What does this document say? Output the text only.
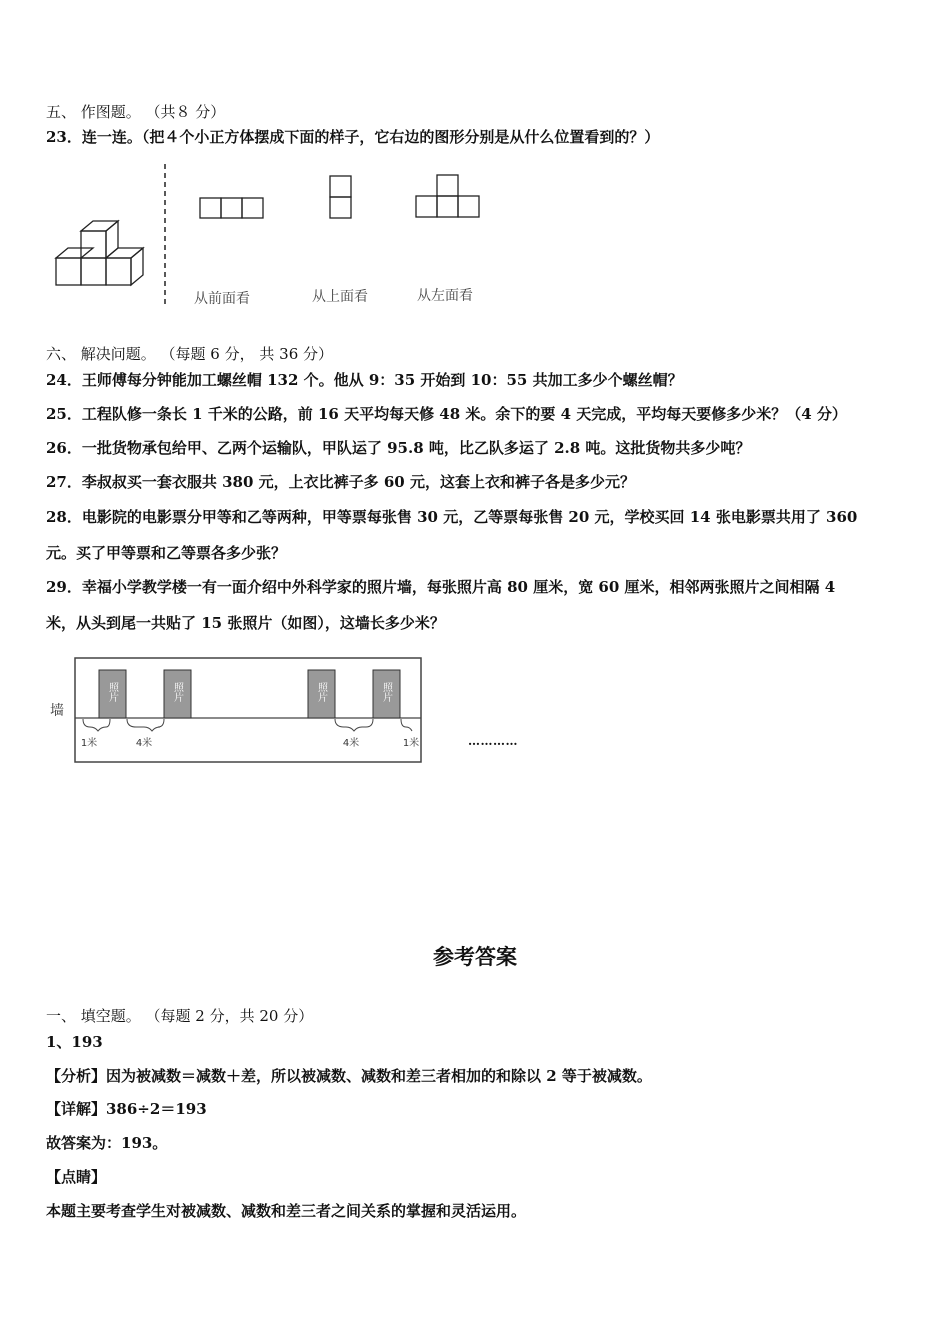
五、 作图题。 （共８ 分）
23．连一连。（把４个小正方体摆成下面的样子，它右边的图形分别是从什么位置看到的？）
从前面看	从上面看	从左面看
六、 解决问题。 （每题 6 分， 共 36 分）
24．王师傅每分钟能加工螺丝帽 132 个。他从 9：35 开始到 10：55 共加工多少个螺丝帽？
25．工程队修一条长 1 千米的公路，前 16 天平均每天修 48 米。余下的要 4 天完成，平均每天要修多少米？（4 分）
26．一批货物承包给甲、乙两个运输队，甲队运了 95.8 吨，比乙队多运了 2.8 吨。这批货物共多少吨？
27．李叔叔买一套衣服共 380 元，上衣比裤子多 60 元，这套上衣和裤子各是多少元？
28．电影院的电影票分甲等和乙等两种，甲等票每张售 30 元，乙等票每张售 20 元，学校买回 14 张电影票共用了 360
元。买了甲等票和乙等票各多少张？
29．幸福小学教学楼一有一面介绍中外科学家的照片墙，每张照片高 80 厘米，宽 60 厘米，相邻两张照片之间相隔 4
米，从头到尾一共贴了 15 张照片（如图），这墙长多少米？
墙
照片	照片	照片	照片
1米	4米	4米	1米	…………
参考答案
一、 填空题。 （每题 2 分，共 20 分）
1、193
【分析】因为被减数＝减数＋差，所以被减数、减数和差三者相加的和除以 2 等于被减数。
【详解】386÷2＝193
故答案为：193。
【点睛】
本题主要考查学生对被减数、减数和差三者之间关系的掌握和灵活运用。
